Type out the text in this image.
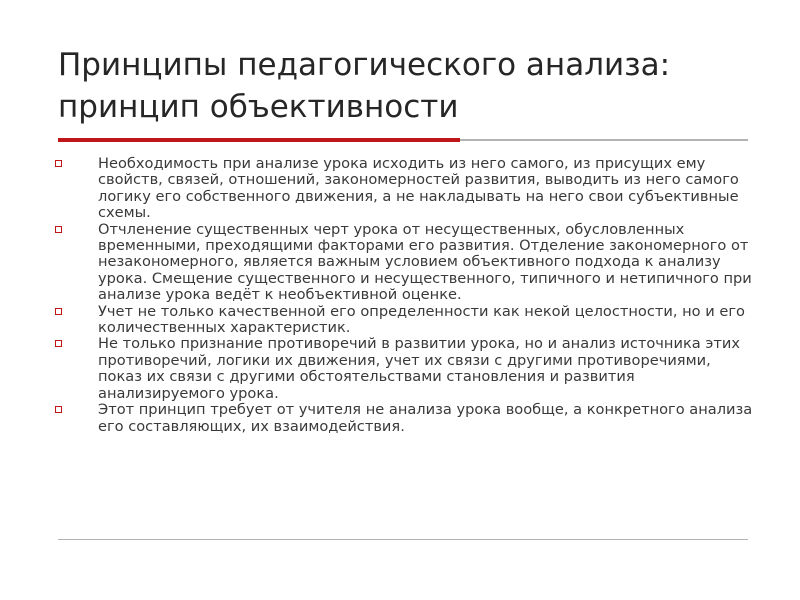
Принципы педагогического анализа: принцип объективности
Необходимость при анализе урока исходить из него самого, из присущих ему свойств, связей, отношений, закономерностей развития, выводить из него самого логику его собственного движения, а не накладывать на него свои субъективные схемы.
Отчленение существенных черт урока от несущественных, обусловленных временными, преходящими факторами его развития. Отделение закономерного от незакономерного, является важным условием объективного подхода к анализу урока. Смещение существенного и несущественного, типичного и нетипичного при анализе урока ведёт к необъективной оценке.
Учет не только качественной его определенности как некой целостности, но и его количественных характеристик.
Не только признание противоречий в развитии урока, но и анализ источника этих противоречий, логики их движения, учет их связи с другими противоречиями, показ их связи с другими обстоятельствами становления и развития анализируемого урока.
Этот принцип требует от учителя не анализа урока вообще, а конкретного анализа его составляющих, их взаимодействия.
